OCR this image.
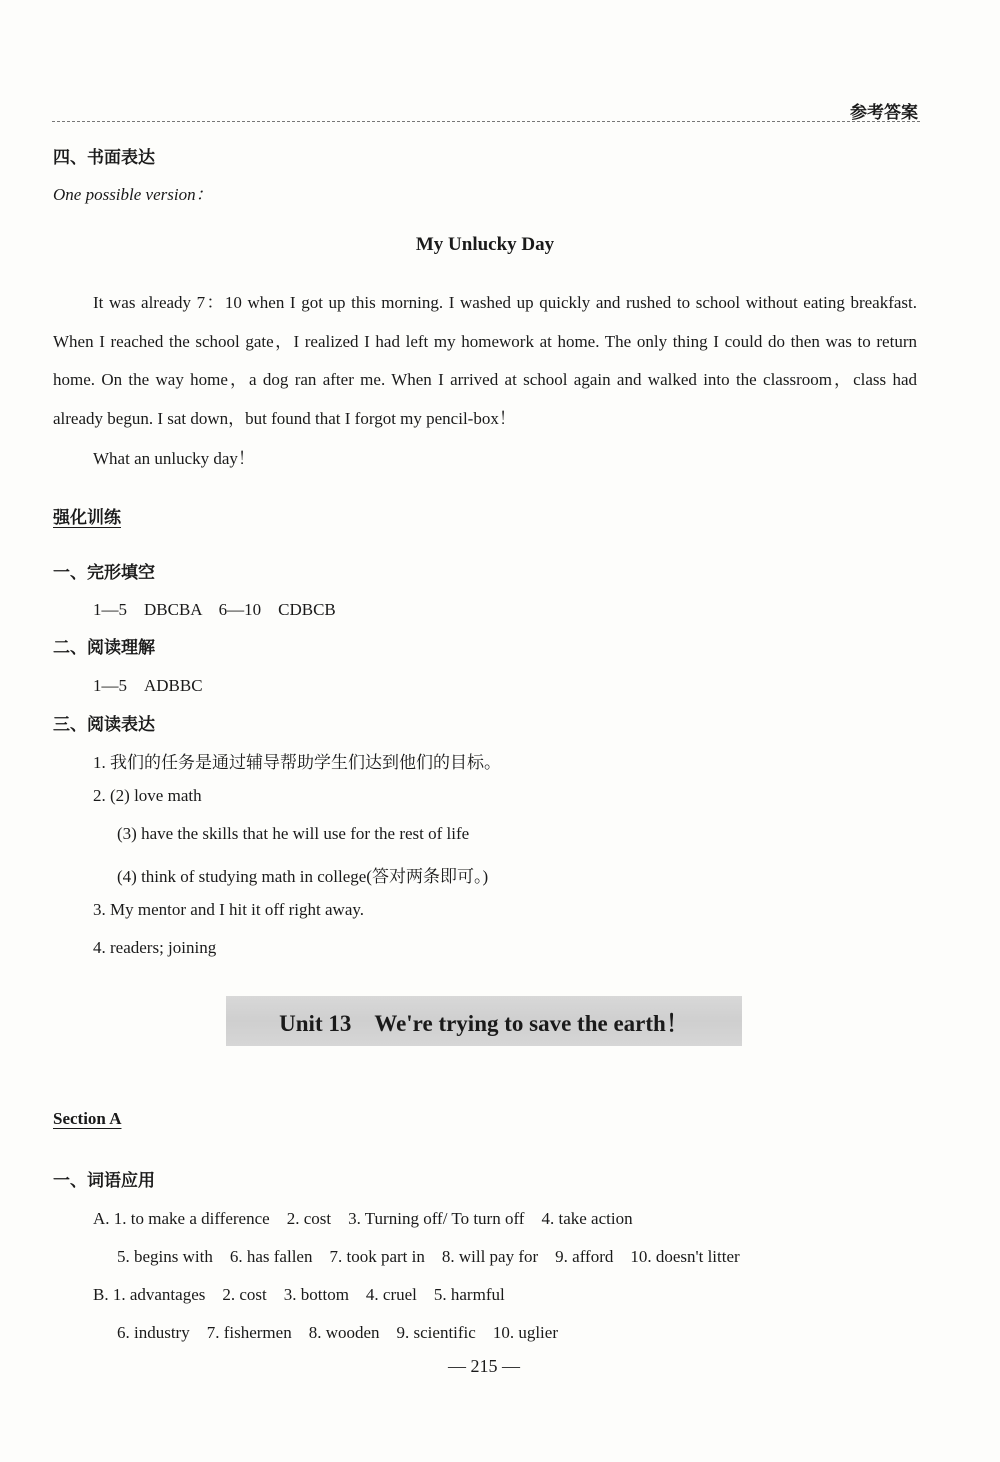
参考答案
四、书面表达
One possible version：
My Unlucky Day
It was already 7：10 when I got up this morning. I washed up quickly and rushed to school without eating breakfast. When I reached the school gate，I realized I had left my homework at home. The only thing I could do then was to return home. On the way home，a dog ran after me. When I arrived at school again and walked into the classroom，class had already begun. I sat down，but found that I forgot my pencil-box！
What an unlucky day！
强化训练
一、完形填空
1—5　DBCBA　6—10　CDBCB
二、阅读理解
1—5　ADBBC
三、阅读表达
1. 我们的任务是通过辅导帮助学生们达到他们的目标。
2. (2) love math
(3) have the skills that he will use for the rest of life
(4) think of studying math in college(答对两条即可。)
3. My mentor and I hit it off right away.
4. readers; joining
Unit 13　We're trying to save the earth！
Section A
一、词语应用
A. 1. to make a difference　2. cost　3. Turning off/ To turn off　4. take action
5. begins with　6. has fallen　7. took part in　8. will pay for　9. afford　10. doesn't litter
B. 1. advantages　2. cost　3. bottom　4. cruel　5. harmful
6. industry　7. fishermen　8. wooden　9. scientific　10. uglier
— 215 —
